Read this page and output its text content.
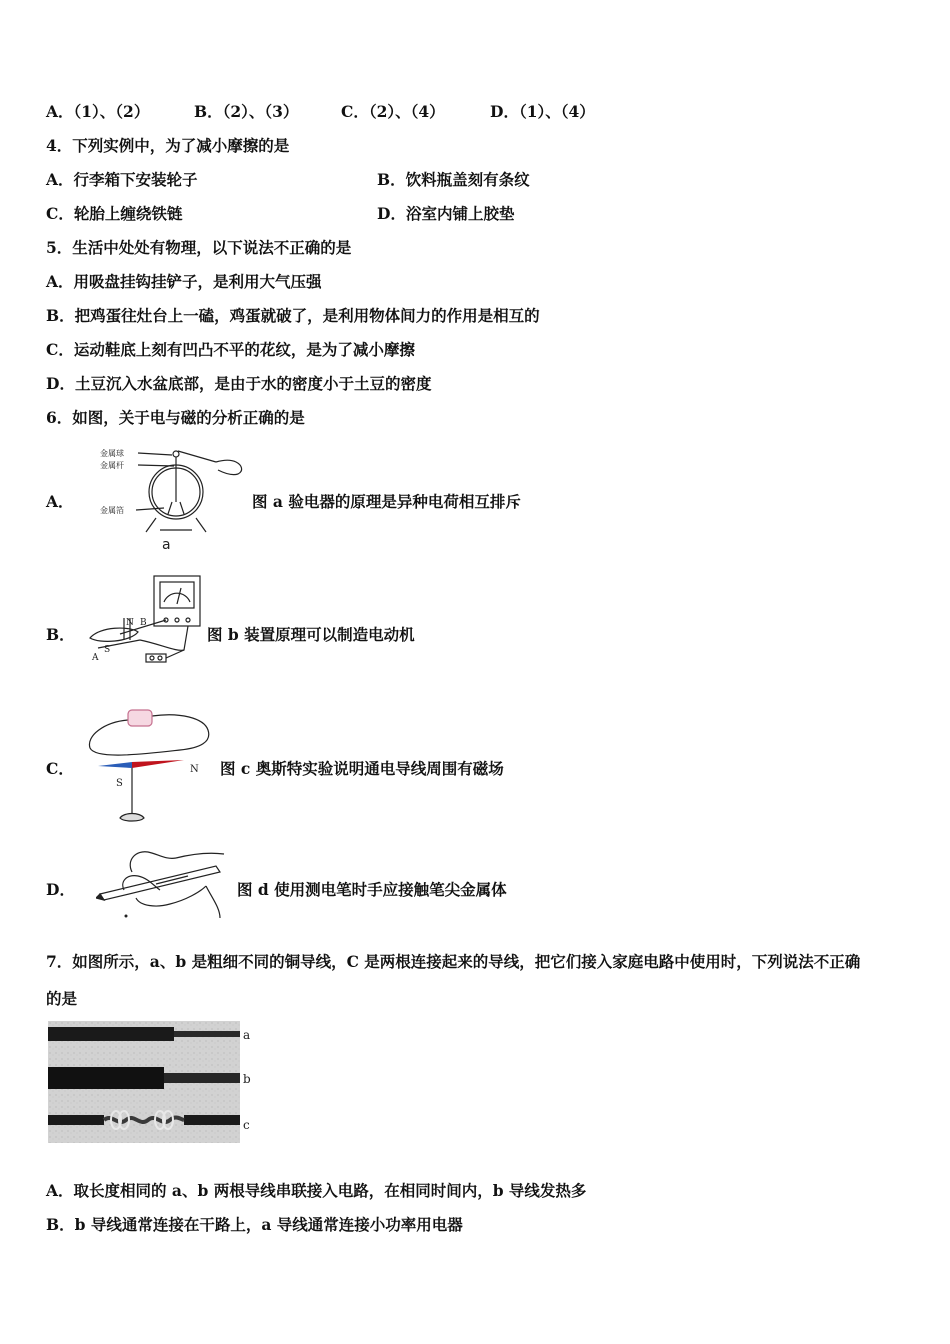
A．（1）、（2）	B．（2）、（3）	C．（2）、（4）	D．（1）、（4）
4．下列实例中，为了减小摩擦的是
A．行李箱下安装轮子	B．饮料瓶盖刻有条纹
C．轮胎上缠绕铁链	D．浴室内铺上胶垫
5．生活中处处有物理，以下说法不正确的是
A．用吸盘挂钩挂铲子，是利用大气压强
B．把鸡蛋往灶台上一磕，鸡蛋就破了，是利用物体间力的作用是相互的
C．运动鞋底上刻有凹凸不平的花纹，是为了减小摩擦
D．土豆沉入水盆底部，是由于水的密度小于土豆的密度
6．如图，关于电与磁的分析正确的是
A．
金属球
金属杆
金属箔
a
图 a 验电器的原理是异种电荷相互排斥
B．
N B
S
A
图 b 装置原理可以制造电动机
C．
S
N 图 c 奥斯特实验说明通电导线周围有磁场
D．	图 d 使用测电笔时手应接触笔尖金属体
7．如图所示，a、b 是粗细不同的铜导线，C 是两根连接起来的导线，把它们接入家庭电路中使用时，下列说法不正确
的是
a
b
c
A．取长度相同的 a、b 两根导线串联接入电路，在相同时间内，b 导线发热多
B．b 导线通常连接在干路上，a 导线通常连接小功率用电器
